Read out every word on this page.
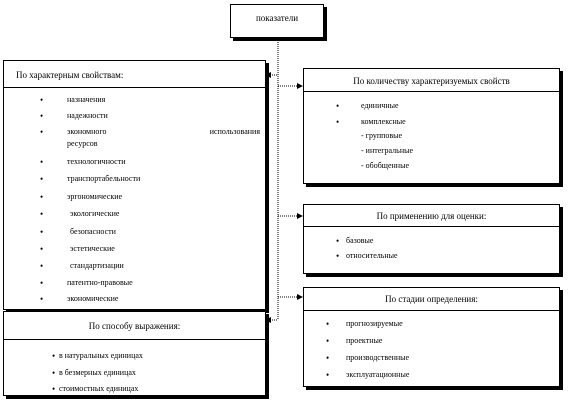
показатели
По характерным свойствам:
•	назначения
•	надежности
•	экономного использования
ресурсов
•	технологичности
•	транспортабельности
•	эргономические
•	экологические
•	безопасности
•	эстетические
•	стандартизации
•	патентно-правовые
•	экономические
По способу выражения:
• в натуральных единицах
• в безмерных единицах
• стоимостных единицах
По количеству характеризуемых свойств
•	единичные
•	комплексные
- групповые
- интегральные
- обобщенные
По применению для оценки:
• базовые
• относительные
По стадии определения:
• прогнозируемые
• проектные
• производственные
• эксплуатационные
